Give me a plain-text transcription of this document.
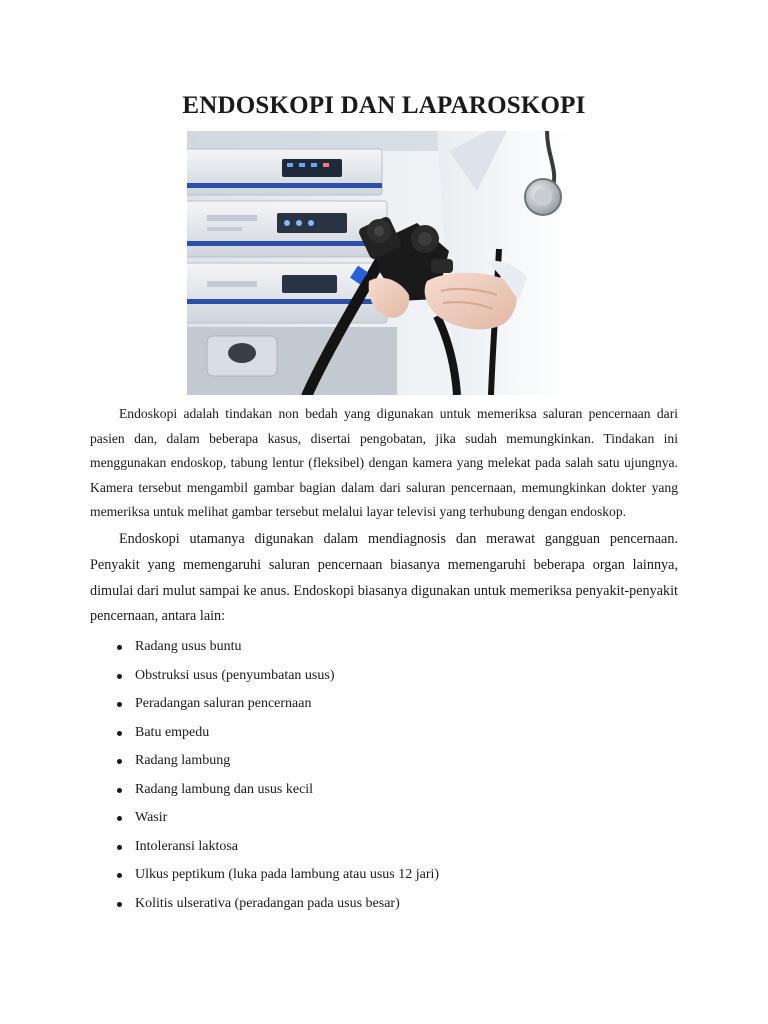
ENDOSKOPI DAN LAPAROSKOPI

Endoskopi adalah tindakan non bedah yang digunakan untuk memeriksa saluran pencernaan dari pasien dan, dalam beberapa kasus, disertai pengobatan, jika sudah memungkinkan. Tindakan ini menggunakan endoskop, tabung lentur (fleksibel) dengan kamera yang melekat pada salah satu ujungnya. Kamera tersebut mengambil gambar bagian dalam dari saluran pencernaan, memungkinkan dokter yang memeriksa untuk melihat gambar tersebut melalui layar televisi yang terhubung dengan endoskop.

Endoskopi utamanya digunakan dalam mendiagnosis dan merawat gangguan pencernaan. Penyakit yang memengaruhi saluran pencernaan biasanya memengaruhi beberapa organ lainnya, dimulai dari mulut sampai ke anus. Endoskopi biasanya digunakan untuk memeriksa penyakit-penyakit pencernaan, antara lain:

Radang usus buntu
Obstruksi usus (penyumbatan usus)
Peradangan saluran pencernaan
Batu empedu
Radang lambung
Radang lambung dan usus kecil
Wasir
Intoleransi laktosa
Ulkus peptikum (luka pada lambung atau usus 12 jari)
Kolitis ulserativa (peradangan pada usus besar)
